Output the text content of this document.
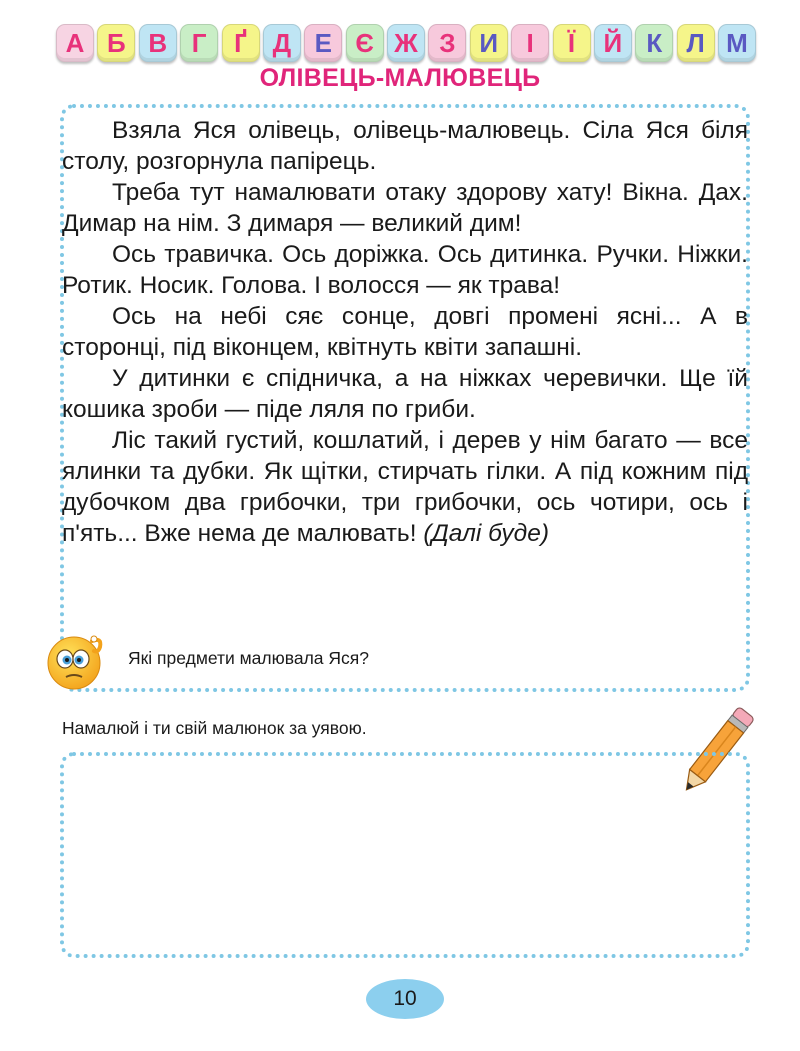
А Б В Г	Ґ Д Е Є Ж З И	І	Ї	Й К Л М
ОЛІВЕЦЬ-МАЛЮВЕЦЬ

Взяла Яся олівець, олівець-малювець. Сіла Яся біля столу, розгорнула папірець.

Треба тут намалювати отаку здорову хату! Вікна. Дах. Димар на нім. З димаря — великий дим!

Ось травичка. Ось доріжка. Ось дитинка. Ручки. Ніжки. Ротик. Носик. Голова. І волосся — як трава!

Ось на небі сяє сонце, довгі промені ясні... А в сторонці, під віконцем, квітнуть квіти запашні.

У дитинки є спідничка, а на ніжках черевички. Ще їй кошика зроби — піде ляля по гриби.

Ліс такий густий, кошлатий, і дерев у нім багато — все ялинки та дубки. Як щітки, стирчать гілки. А під кожним під дубочком два грибочки, три грибочки, ось чотири, ось і п'ять... Вже нема де малювать! (Далі буде)

Які предмети малювала Яся?
Намалюй і ти свій малюнок за уявою.
10
